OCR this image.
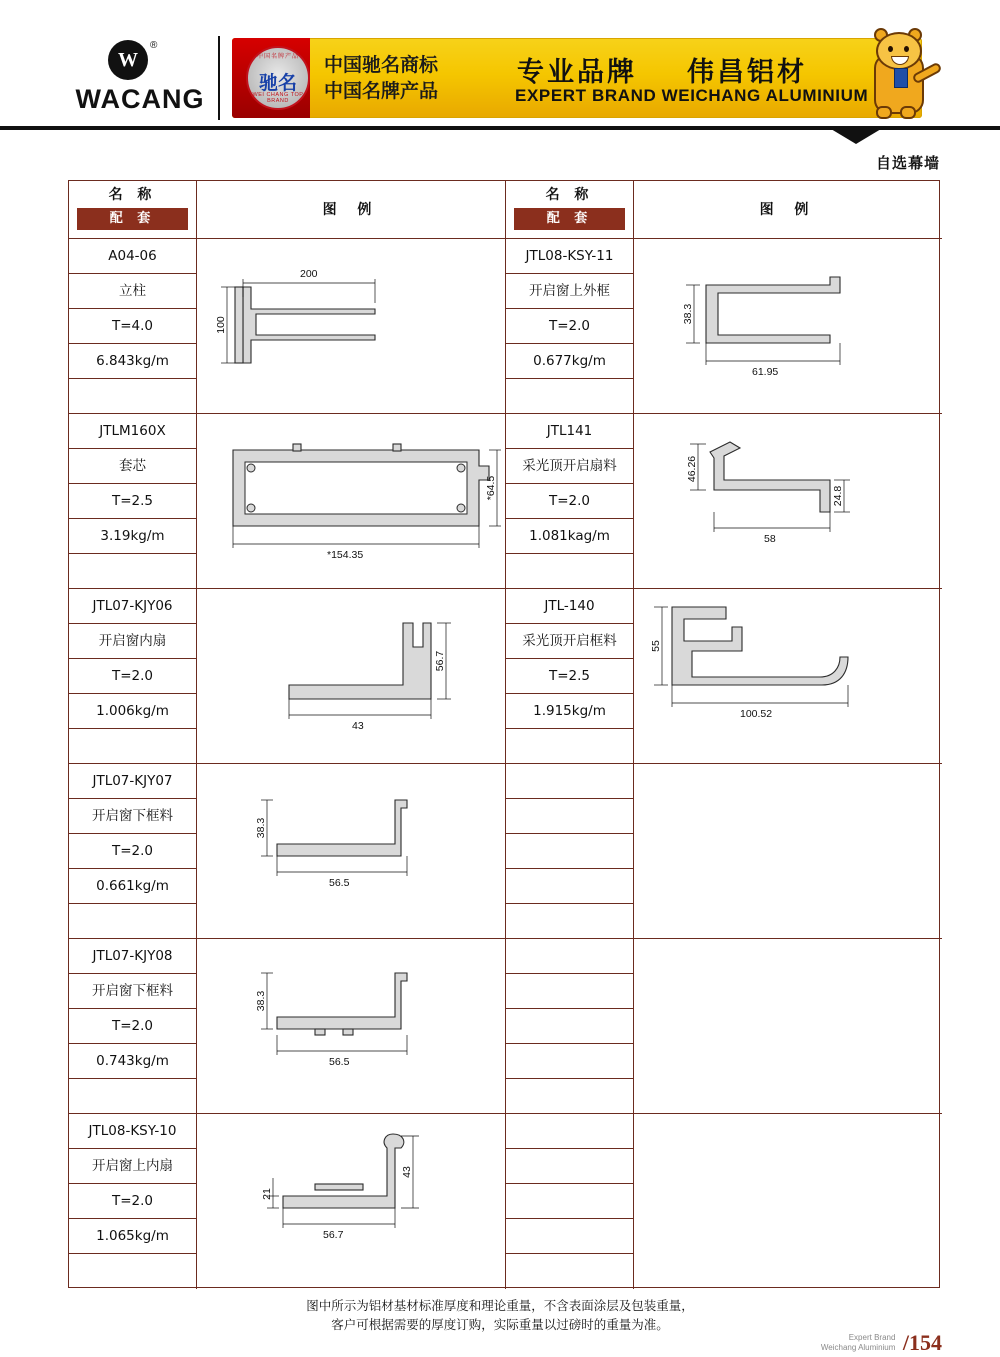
W
®
WACANG
中国名牌产品
驰名
WEI CHANG TOP BRAND
中国驰名商标
中国名牌产品
专业品牌 伟昌铝材
EXPERT BRAND WEICHANG ALUMINIUM
自选幕墙
名 称
配 套
图 例
A04-06
立柱
T=4.0
6.843kg/m
200
100
JTLM160X
套芯
T=2.5
3.19kg/m
*64.5
*154.35
JTL07-KJY06
开启窗内扇
T=2.0
1.006kg/m
56.7
43
JTL07-KJY07
开启窗下框料
T=2.0
0.661kg/m
38.3
56.5
JTL07-KJY08
开启窗下框料
T=2.0
0.743kg/m
38.3
56.5
JTL08-KSY-10
开启窗上内扇
T=2.0
1.065kg/m
21
43
56.7
名 称
配 套
图 例
JTL08-KSY-11
开启窗上外框
T=2.0
0.677kg/m
38.3
61.95
JTL141
采光顶开启扇料
T=2.0
1.081kag/m
46.26
24.8
58
JTL-140
采光顶开启框料
T=2.5
1.915kg/m
55
100.52
图中所示为铝材基材标准厚度和理论重量，不含表面涂层及包装重量，
客户可根据需要的厚度订购，实际重量以过磅时的重量为准。
Expert Brand
Weichang Aluminium /154
